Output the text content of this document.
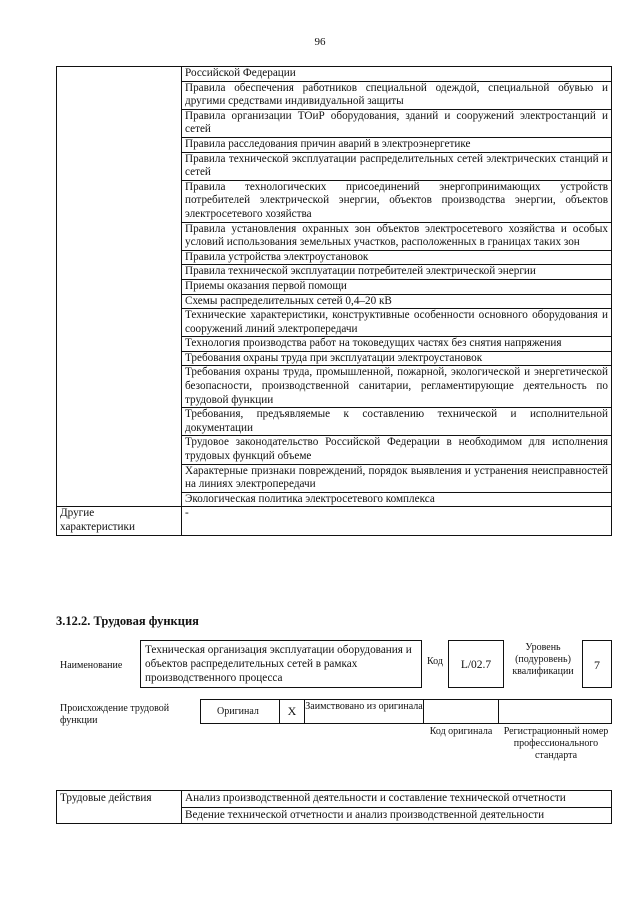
96
	Российской Федерации
	Правила обеспечения работников специальной одеждой, специальной обувью и другими средствами индивидуальной защиты
	Правила организации ТОиР оборудования, зданий и сооружений электростанций и сетей
	Правила расследования причин аварий в электроэнергетике
	Правила технической эксплуатации распределительных сетей электрических станций и сетей
	Правила технологических присоединений энергопринимающих устройств потребителей электрической энергии, объектов производства энергии, объектов электросетевого хозяйства
	Правила установления охранных зон объектов электросетевого хозяйства и особых условий использования земельных участков, расположенных в границах таких зон
	Правила устройства электроустановок
	Правила технической эксплуатации потребителей электрической энергии
	Приемы оказания первой помощи
	Схемы распределительных сетей 0,4–20 кВ
	Технические характеристики, конструктивные особенности основного оборудования и сооружений линий электропередачи
	Технология производства работ на токоведущих частях без снятия напряжения
	Требования охраны труда при эксплуатации электроустановок
	Требования охраны труда, промышленной, пожарной, экологической и энергетической безопасности, производственной санитарии, регламентирующие деятельность по трудовой функции
	Требования, предъявляемые к составлению технической и исполнительной документации
	Трудовое законодательство Российской Федерации в необходимом для исполнения трудовых функций объеме
	Характерные признаки повреждений, порядок выявления и устранения неисправностей на линиях электропередачи
	Экологическая политика электросетевого комплекса

Другие
характеристики	-
3.12.2. Трудовая функция
Наименование
Техническая организация эксплуатации оборудования и объектов распределительных сетей в рамках производственного процесса
Код	L/02.7
Уровень (подуровень) квалификации	7
Происхождение трудовой функции
Оригинал	X Заимствовано из оригинала
Код оригинала	Регистрационный номер профессионального стандарта
Трудовые действия	Анализ производственной деятельности и составление технической отчетности
Ведение технической отчетности и анализ производственной деятельности
